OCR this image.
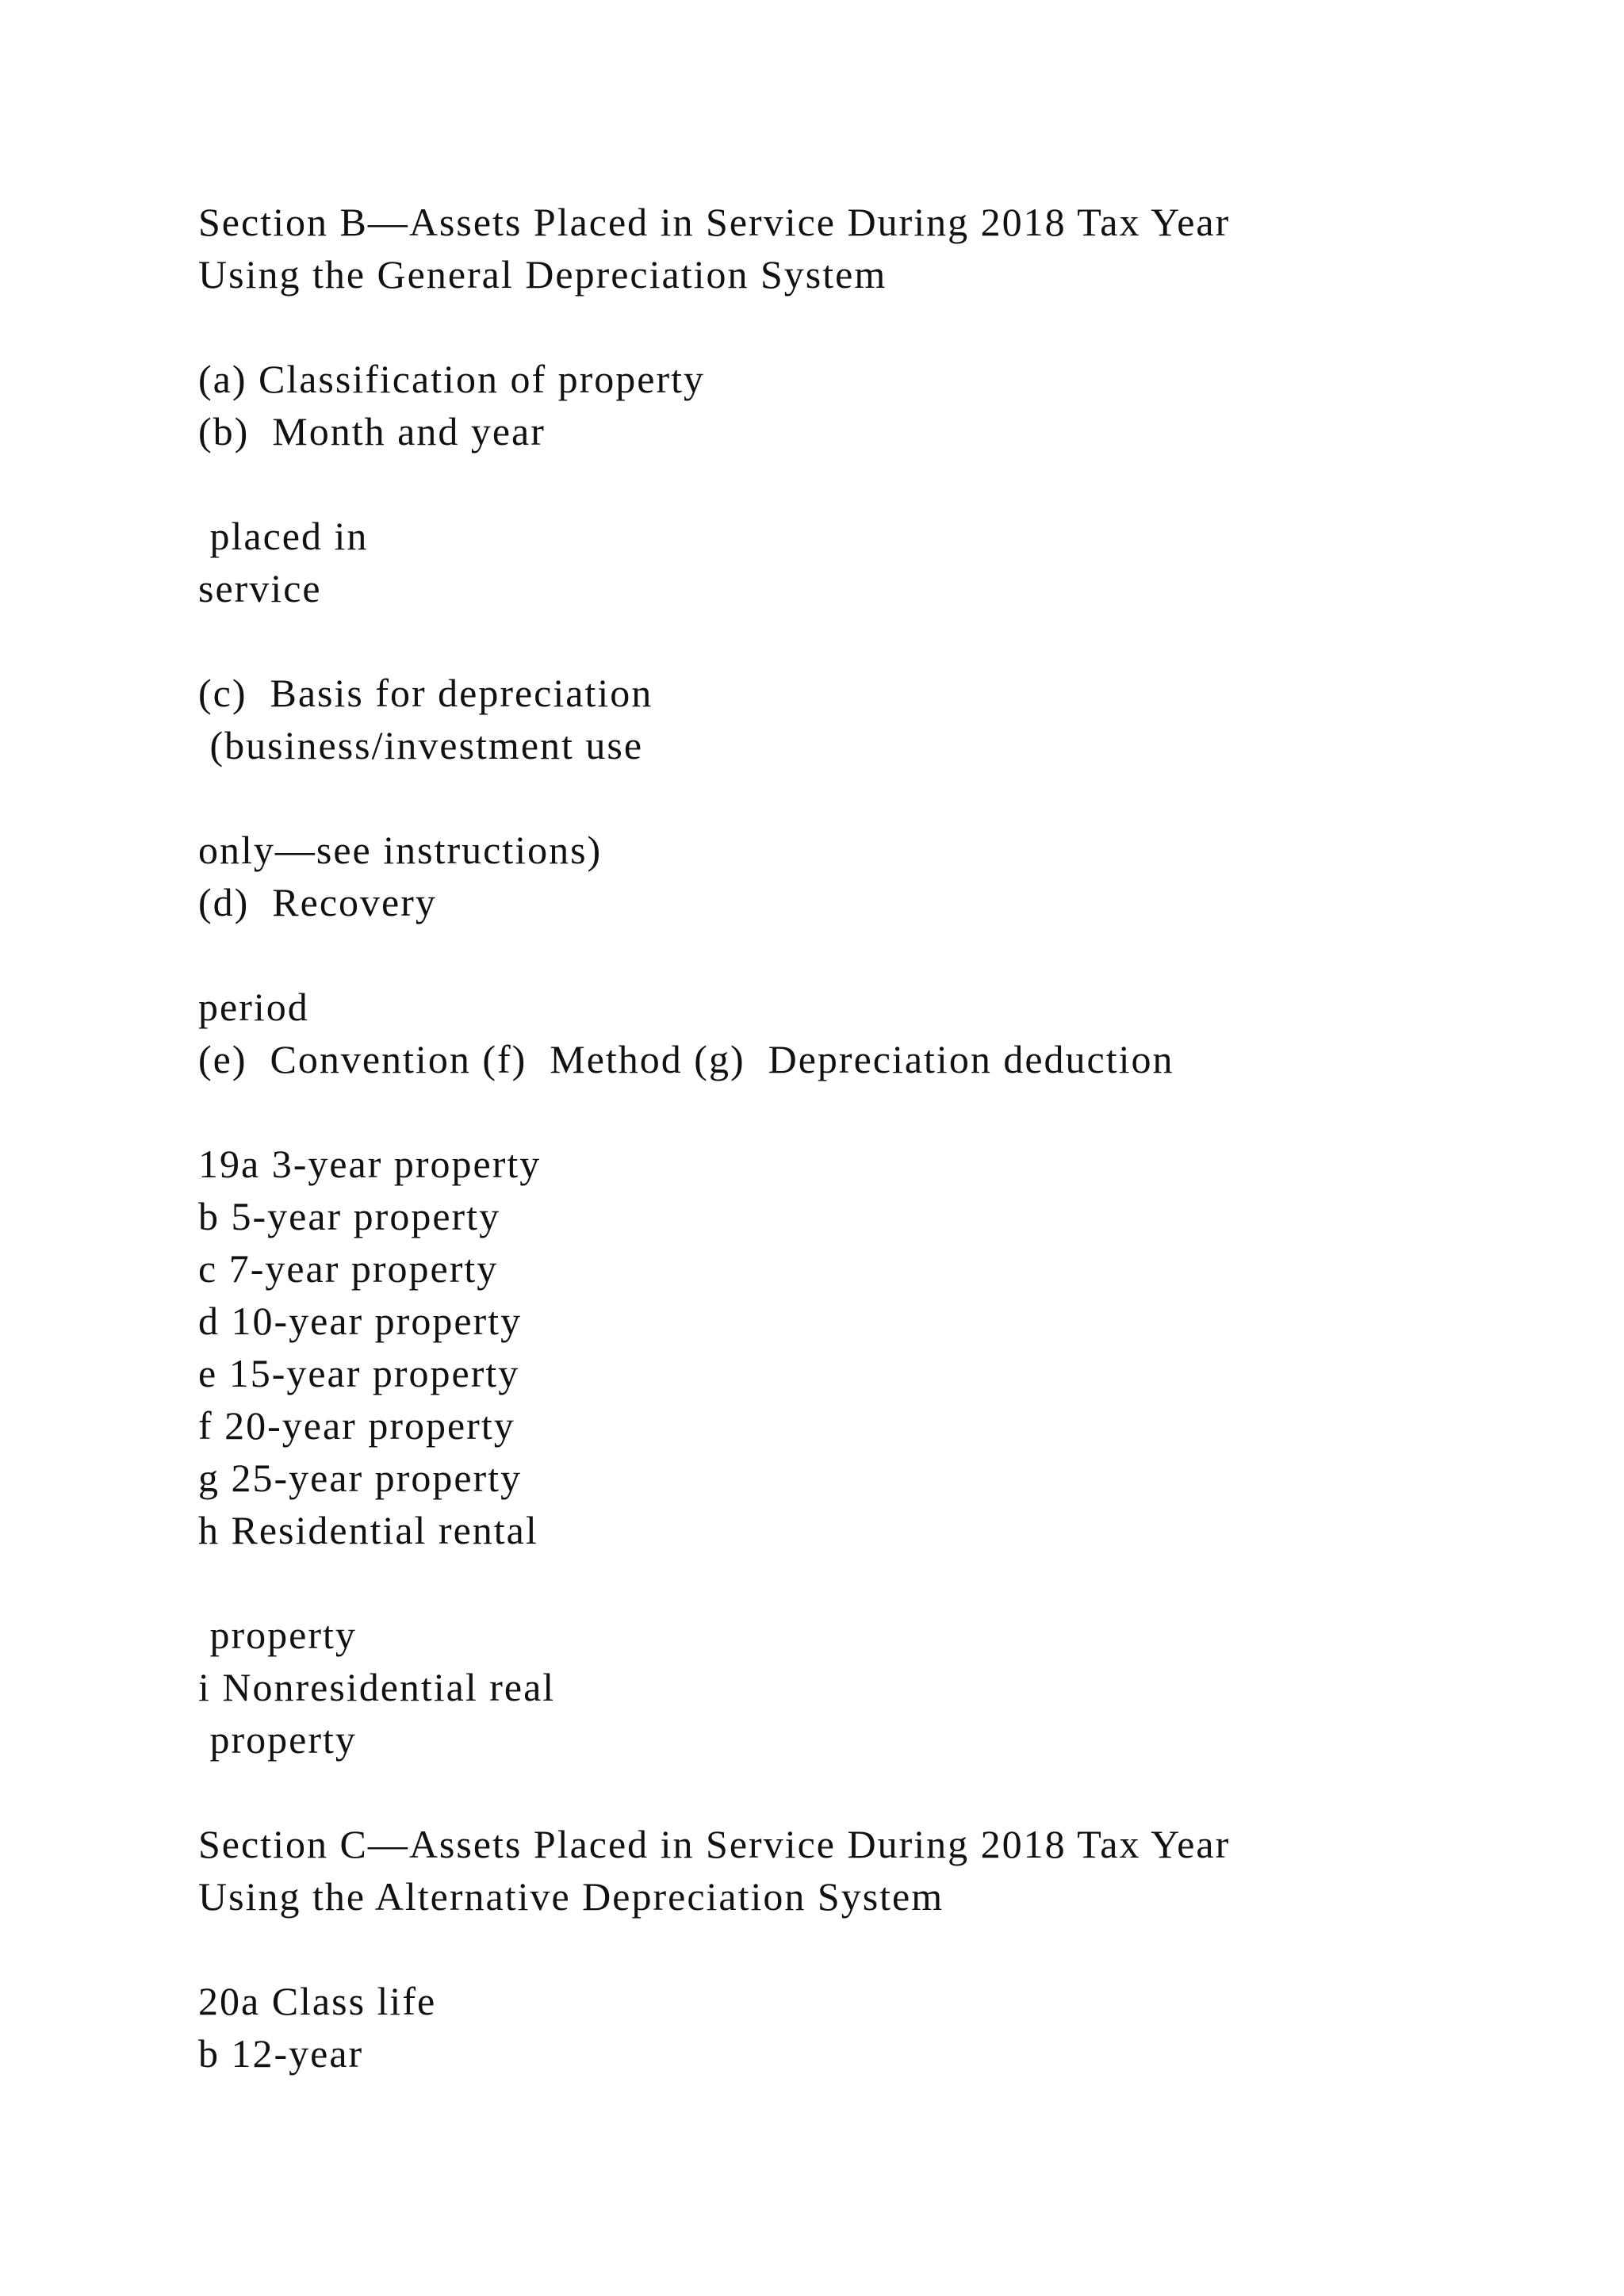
Section B—Assets Placed in Service During 2018 Tax Year
Using the General Depreciation System
(a) Classification of property
(b)  Month and year
placed in
service
(c)  Basis for depreciation
(business/investment use
only—see instructions)
(d)  Recovery
period
(e)  Convention (f)  Method (g)  Depreciation deduction
19a 3-year property
b 5-year property
c 7-year property
d 10-year property
e 15-year property
f 20-year property
g 25-year property
h Residential rental
property
i Nonresidential real
property
Section C—Assets Placed in Service During 2018 Tax Year
Using the Alternative Depreciation System
20a Class life
b 12-year
